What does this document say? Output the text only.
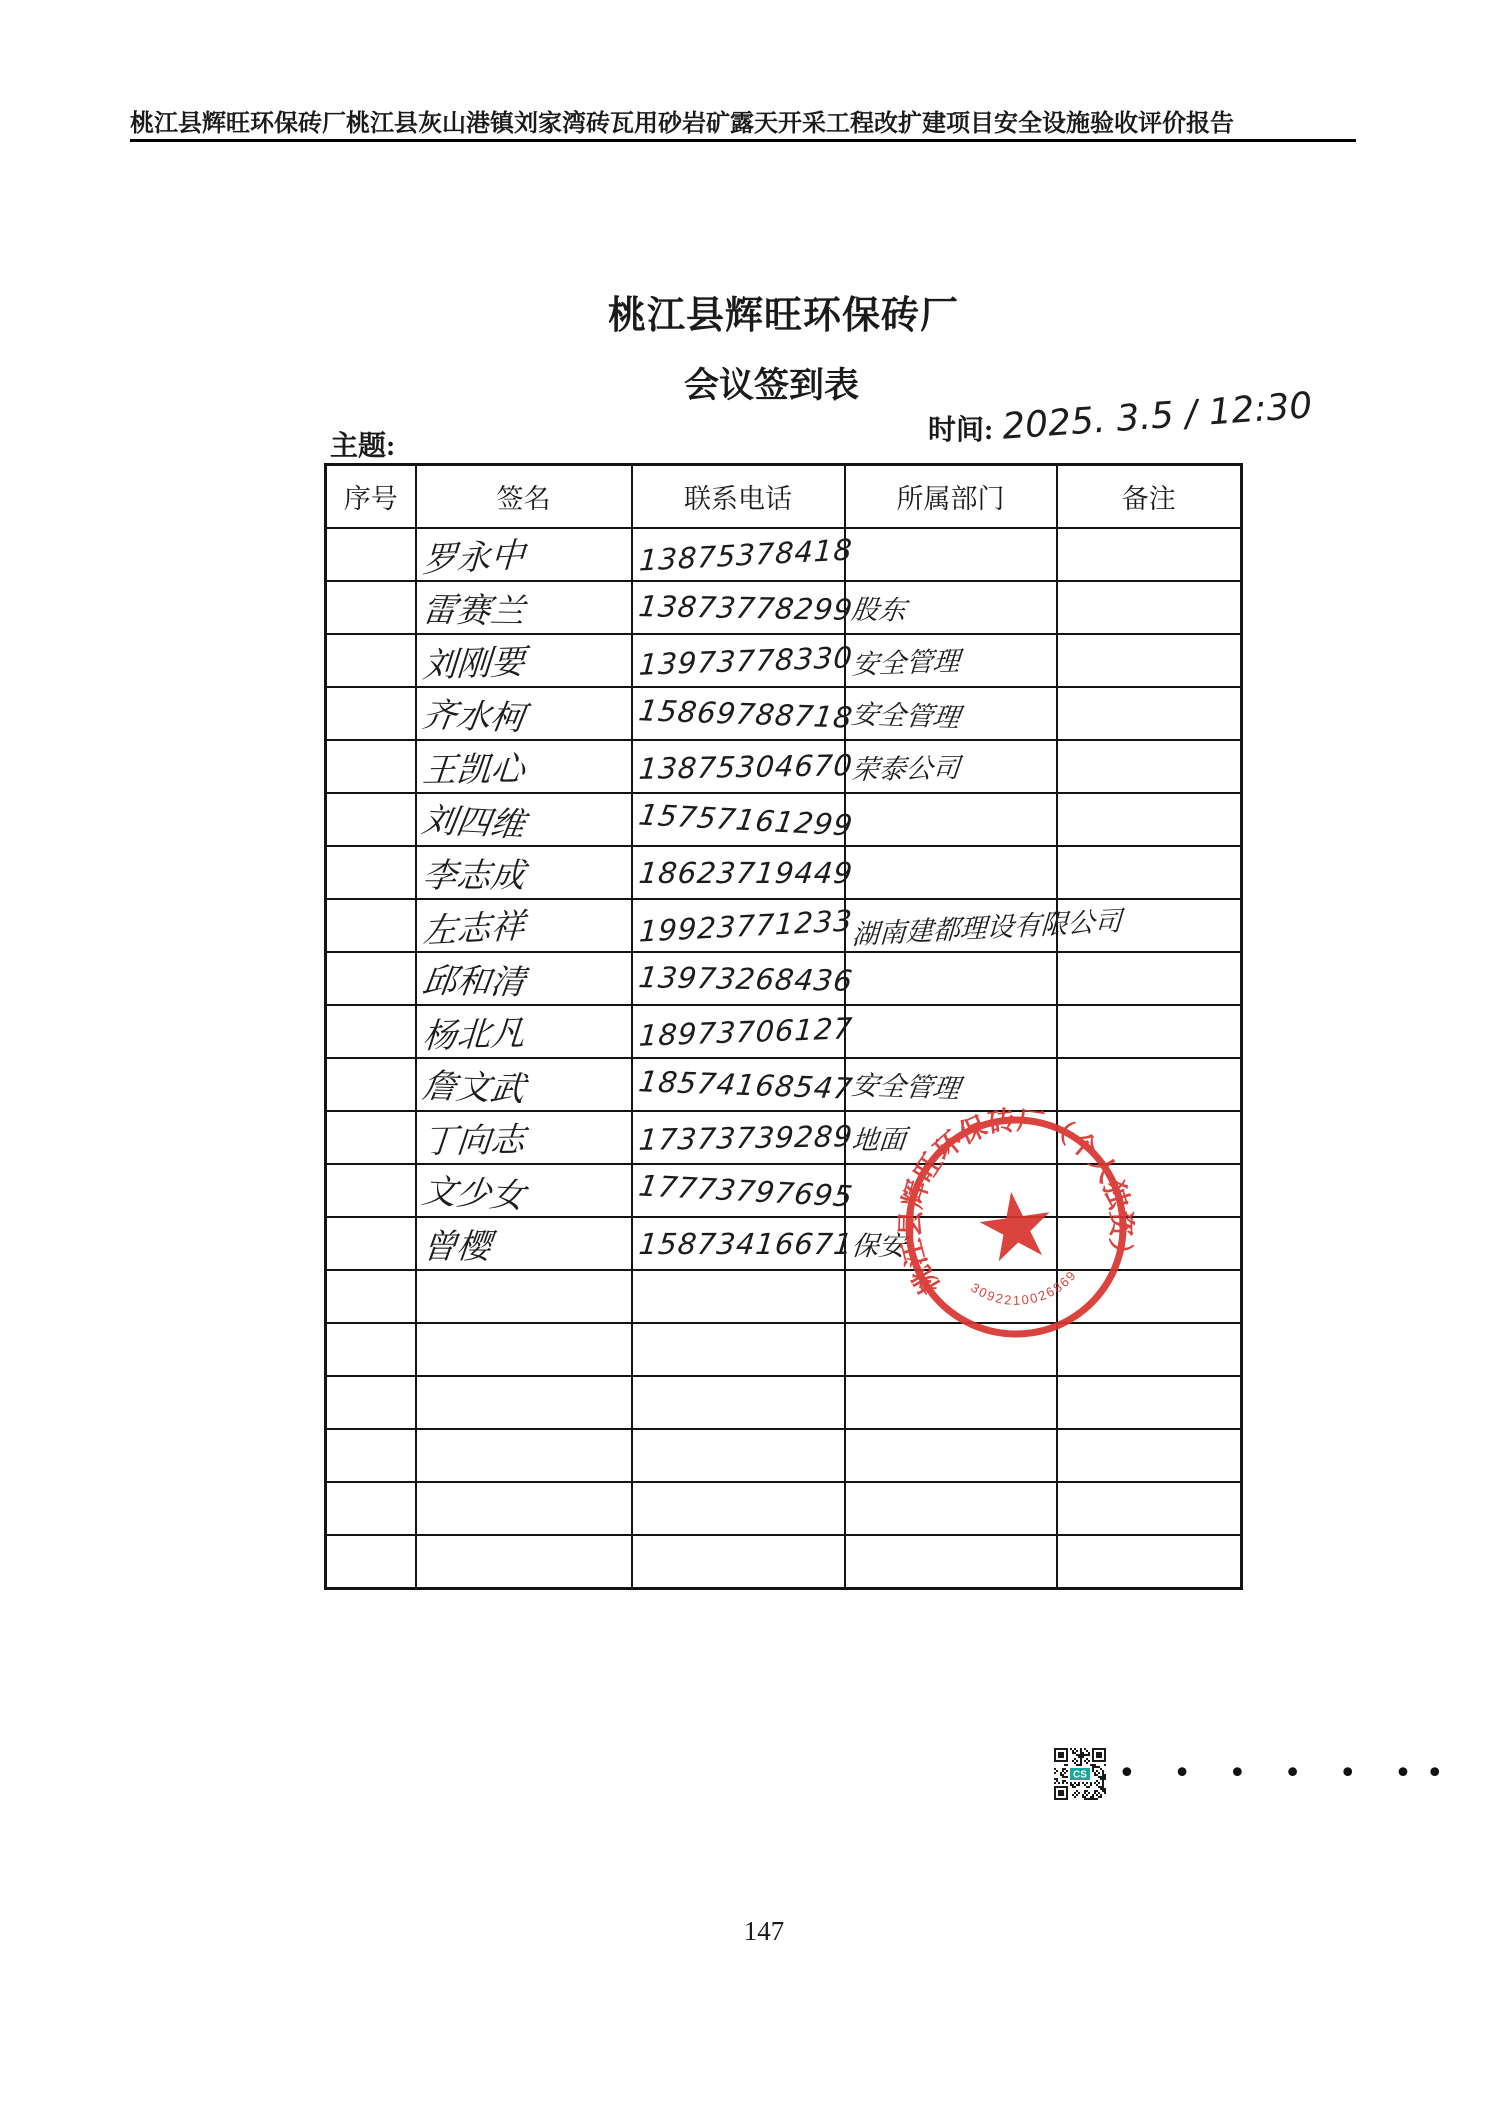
桃江县辉旺环保砖厂桃江县灰山港镇刘家湾砖瓦用砂岩矿露天开采工程改扩建项目安全设施验收评价报告
桃江县辉旺环保砖厂
会议签到表
主题:
时间: 2025. 3.5 ∕ 12:30
序号	签名	联系电话	所属部门	备注
	罗永中	13875378418		
	雷赛兰	13873778299	股东	
	刘刚要	13973778330	安全管理	
	齐水柯	15869788718	安全管理	
	王凯心	13875304670	荣泰公司	
	刘四维	15757161299		
	李志成	18623719449		
	左志祥	19923771233	湖南建都理设有限公司	
	邱和清	13973268436		
	杨北凡	18973706127		
	詹文武	18574168547	安全管理	
	丁向志	17373739289	地面	
	文少女	17773797695		
	曾樱	15873416671	保安	

桃江县辉旺环保砖厂（个人独资）
3092210026869
★
CS • • • • • ••
147
